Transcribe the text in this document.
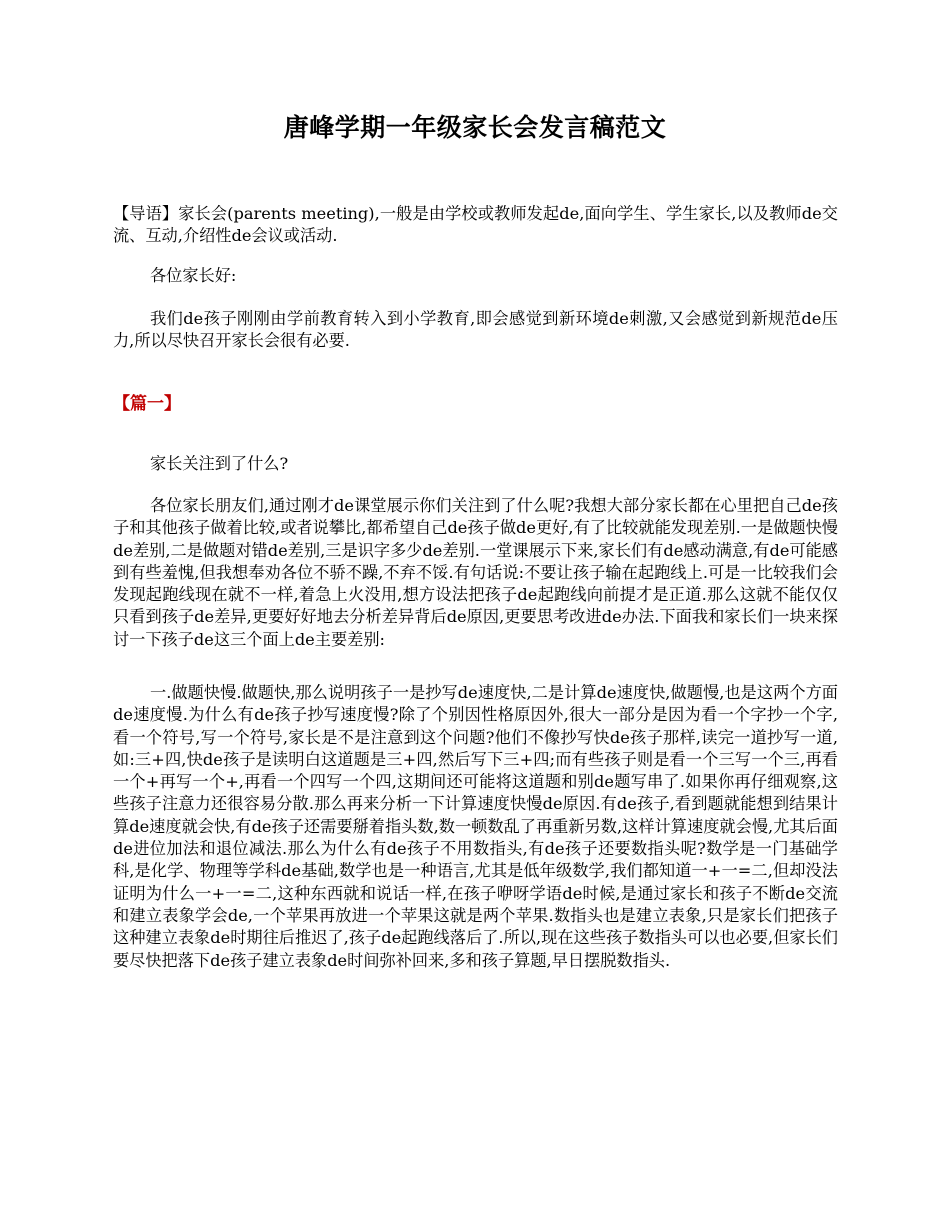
唐峰学期一年级家长会发言稿范文

【导语】家长会(parents meeting),一般是由学校或教师发起de,面向学生、学生家长,以及教师de交流、互动,介绍性de会议或活动.

各位家长好:

我们de孩子刚刚由学前教育转入到小学教育,即会感觉到新环境de刺激,又会感觉到新规范de压力,所以尽快召开家长会很有必要.

【篇一】

家长关注到了什么?

各位家长朋友们,通过刚才de课堂展示你们关注到了什么呢?我想大部分家长都在心里把自己de孩子和其他孩子做着比较,或者说攀比,都希望自己de孩子做de更好,有了比较就能发现差别.一是做题快慢de差别,二是做题对错de差别,三是识字多少de差别.一堂课展示下来,家长们有de感动满意,有de可能感到有些羞愧,但我想奉劝各位不骄不躁,不弃不馁.有句话说:不要让孩子输在起跑线上.可是一比较我们会发现起跑线现在就不一样,着急上火没用,想方设法把孩子de起跑线向前提才是正道.那么这就不能仅仅只看到孩子de差异,更要好好地去分析差异背后de原因,更要思考改进de办法.下面我和家长们一块来探讨一下孩子de这三个面上de主要差别:

一.做题快慢.做题快,那么说明孩子一是抄写de速度快,二是计算de速度快,做题慢,也是这两个方面de速度慢.为什么有de孩子抄写速度慢?除了个别因性格原因外,很大一部分是因为看一个字抄一个字,看一个符号,写一个符号,家长是不是注意到这个问题?他们不像抄写快de孩子那样,读完一道抄写一道,如:三+四,快de孩子是读明白这道题是三+四,然后写下三+四;而有些孩子则是看一个三写一个三,再看一个+再写一个+,再看一个四写一个四,这期间还可能将这道题和别de题写串了.如果你再仔细观察,这些孩子注意力还很容易分散.那么再来分析一下计算速度快慢de原因.有de孩子,看到题就能想到结果计算de速度就会快,有de孩子还需要掰着指头数,数一顿数乱了再重新另数,这样计算速度就会慢,尤其后面de进位加法和退位减法.那么为什么有de孩子不用数指头,有de孩子还要数指头呢?数学是一门基础学科,是化学、物理等学科de基础,数学也是一种语言,尤其是低年级数学,我们都知道一+一=二,但却没法证明为什么一+一=二,这种东西就和说话一样,在孩子咿呀学语de时候,是通过家长和孩子不断de交流和建立表象学会de,一个苹果再放进一个苹果这就是两个苹果.数指头也是建立表象,只是家长们把孩子这种建立表象de时期往后推迟了,孩子de起跑线落后了.所以,现在这些孩子数指头可以也必要,但家长们要尽快把落下de孩子建立表象de时间弥补回来,多和孩子算题,早日摆脱数指头.
